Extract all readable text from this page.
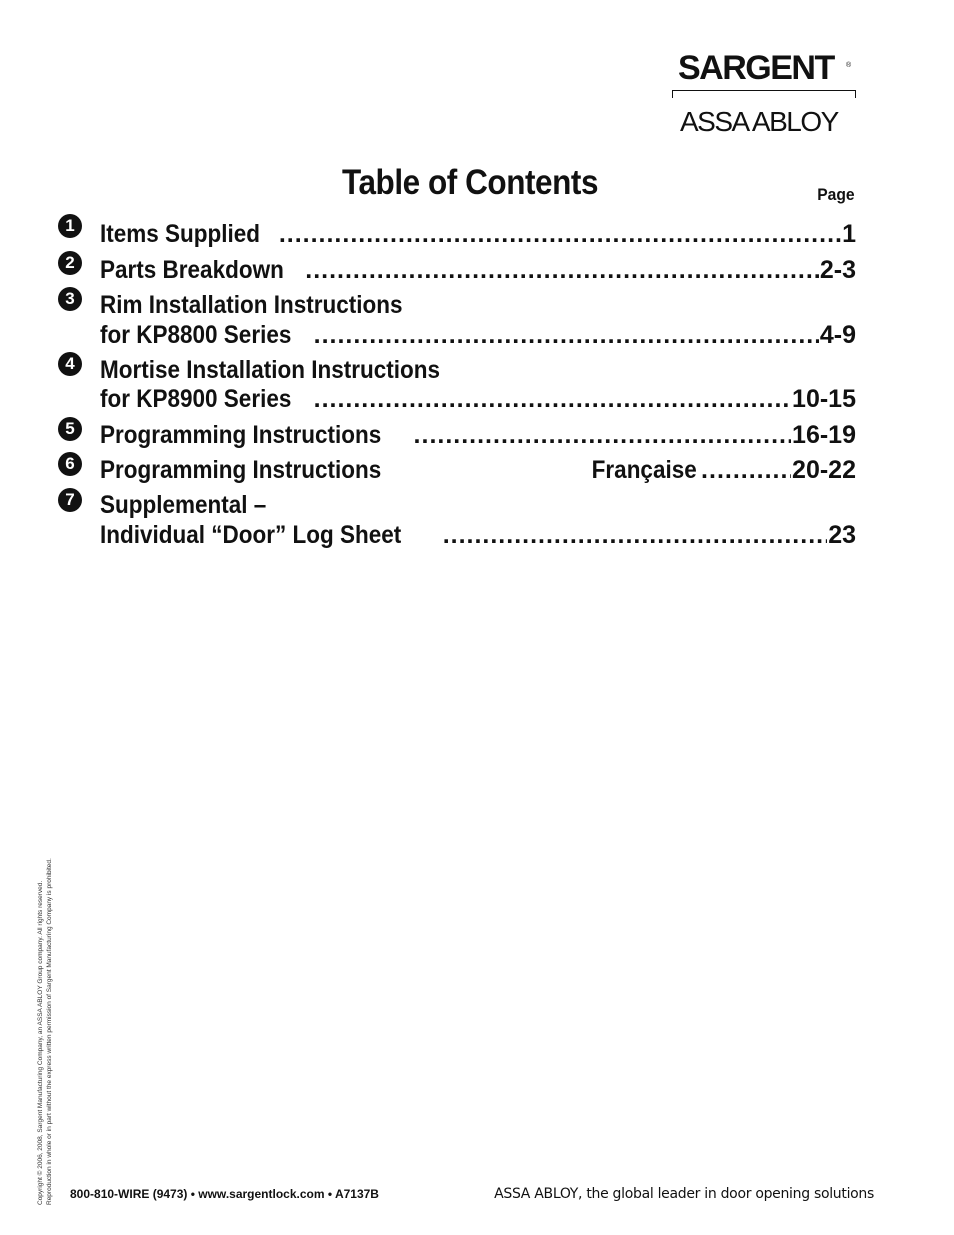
SARGENT ®
ASSA ABLOY
Table of Contents	Page
1 Items Supplied .....	1
2 Parts Breakdown .....	2-3
3 Rim Installation Instructions
for KP8800 Series .....	4-9
4 Mortise Installation Instructions
for KP8900 Series .....	10-15
5 Programming Instructions .....	16-19
6 Programming Instructions	Française .....	20-22
7 Supplemental –
Individual “Door” Log Sheet .....	23
Copyright © 2006, 2008, Sargent Manufacturing Company, an ASSA ABLOY Group company. All rights reserved. Reproduction in whole or in part without the express written permission of Sargent Manufacturing Company is prohibited. 800-810-WIRE (9473) • www.sargentlock.com • A7137B	ASSA ABLOY, the global leader in door opening solutions
